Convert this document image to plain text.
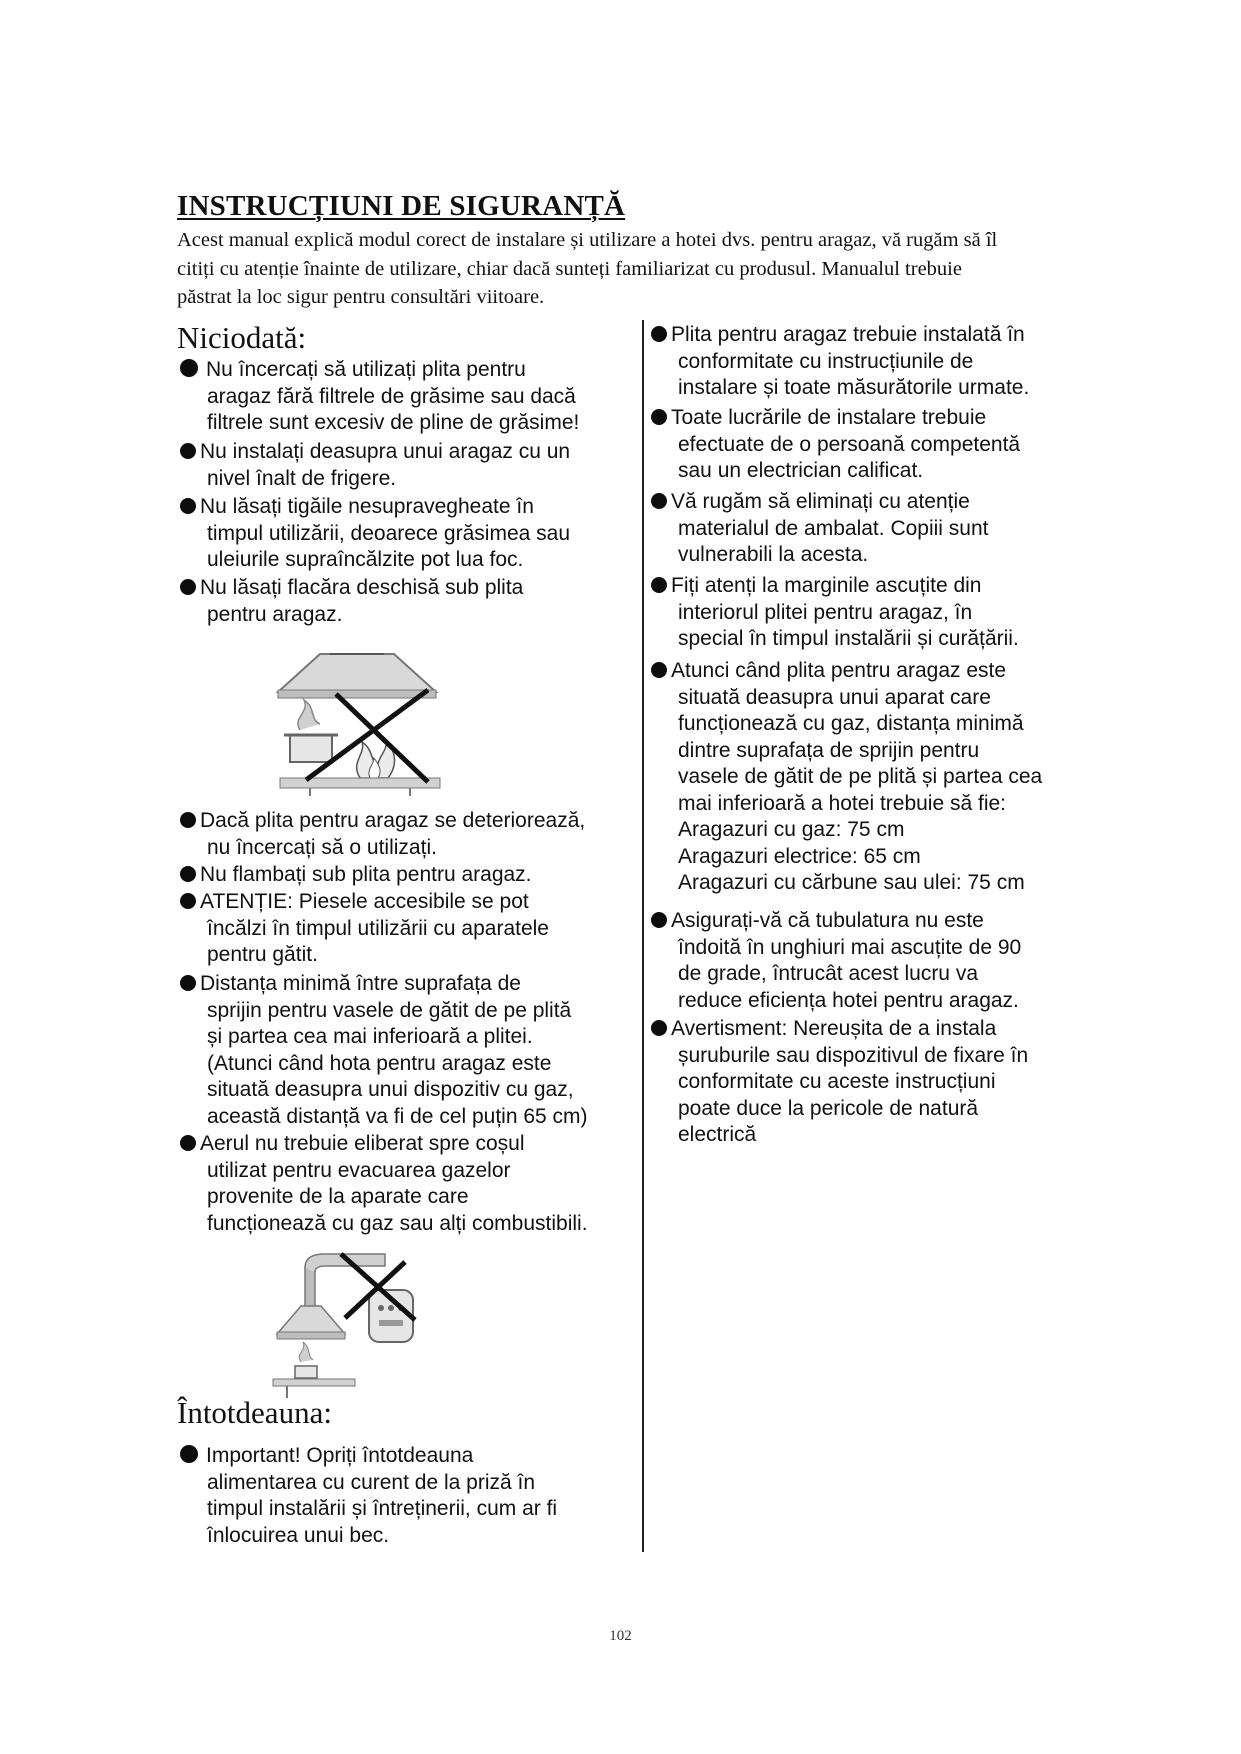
INSTRUCȚIUNI DE SIGURANȚĂ
Acest manual explică modul corect de instalare și utilizare a hotei dvs. pentru aragaz, vă rugăm să îl
citiți cu atenție înainte de utilizare, chiar dacă sunteți familiarizat cu produsul. Manualul trebuie
păstrat la loc sigur pentru consultări viitoare.
Niciodată:
Nu încercați să utilizați plita pentru
aragaz fără filtrele de grăsime sau dacă
filtrele sunt excesiv de pline de grăsime!
Nu instalați deasupra unui aragaz cu un
nivel înalt de frigere.
Nu lăsați tigăile nesupravegheate în
timpul utilizării, deoarece grăsimea sau
uleiurile supraîncălzite pot lua foc.
Nu lăsați flacăra deschisă sub plita
pentru aragaz.
Dacă plita pentru aragaz se deteriorează,
nu încercați să o utilizați.
Nu flambați sub plita pentru aragaz.
ATENȚIE: Piesele accesibile se pot
încălzi în timpul utilizării cu aparatele
pentru gătit.
Distanța minimă între suprafața de
sprijin pentru vasele de gătit de pe plită
și partea cea mai inferioară a plitei.
(Atunci când hota pentru aragaz este
situată deasupra unui dispozitiv cu gaz,
această distanță va fi de cel puțin 65 cm)
Aerul nu trebuie eliberat spre coșul
utilizat pentru evacuarea gazelor
provenite de la aparate care
funcționează cu gaz sau alți combustibili.
Întotdeauna:
Important! Opriți întotdeauna
alimentarea cu curent de la priză în
timpul instalării și întreținerii, cum ar fi
înlocuirea unui bec.
Plita pentru aragaz trebuie instalată în
conformitate cu instrucțiunile de
instalare și toate măsurătorile urmate.
Toate lucrările de instalare trebuie
efectuate de o persoană competentă
sau un electrician calificat.
Vă rugăm să eliminați cu atenție
materialul de ambalat. Copiii sunt
vulnerabili la acesta.
Fiți atenți la marginile ascuțite din
interiorul plitei pentru aragaz, în
special în timpul instalării și curățării.
Atunci când plita pentru aragaz este
situată deasupra unui aparat care
funcționează cu gaz, distanța minimă
dintre suprafața de sprijin pentru
vasele de gătit de pe plită și partea cea
mai inferioară a hotei trebuie să fie:
Aragazuri cu gaz: 75 cm
Aragazuri electrice: 65 cm
Aragazuri cu cărbune sau ulei: 75 cm
Asigurați-vă că tubulatura nu este
îndoită în unghiuri mai ascuțite de 90
de grade, întrucât acest lucru va
reduce eficiența hotei pentru aragaz.
Avertisment: Nereușita de a instala
șuruburile sau dispozitivul de fixare în
conformitate cu aceste instrucțiuni
poate duce la pericole de natură
electrică
102
